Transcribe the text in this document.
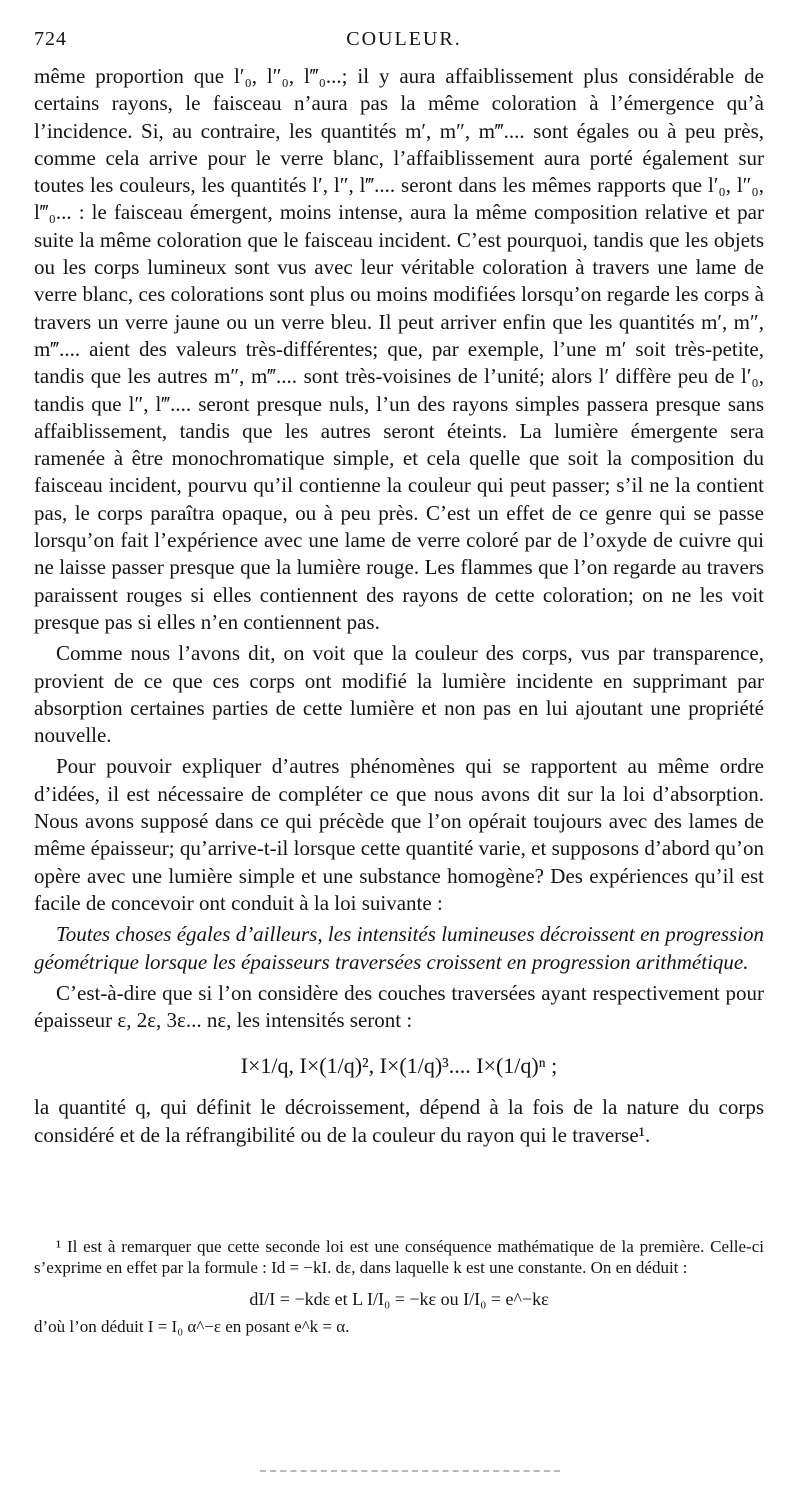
724	COULEUR.

même proportion que l′₀, l″₀, l‴₀...; il y aura affaiblissement plus considérable de certains rayons, le faisceau n’aura pas la même coloration à l’émergence qu’à l’incidence. Si, au contraire, les quantités m′, m″, m‴.... sont égales ou à peu près, comme cela arrive pour le verre blanc, l’affaiblissement aura porté également sur toutes les couleurs, les quantités l′, l″, l‴.... seront dans les mêmes rapports que l′₀, l″₀, l‴₀... : le faisceau émergent, moins intense, aura la même composition relative et par suite la même coloration que le faisceau incident. C’est pourquoi, tandis que les objets ou les corps lumineux sont vus avec leur véritable coloration à travers une lame de verre blanc, ces colorations sont plus ou moins modifiées lorsqu’on regarde les corps à travers un verre jaune ou un verre bleu. Il peut arriver enfin que les quantités m′, m″, m‴.... aient des valeurs très-différentes; que, par exemple, l’une m′ soit très-petite, tandis que les autres m″, m‴.... sont très-voisines de l’unité; alors l′ diffère peu de l′₀, tandis que l″, l‴.... seront presque nuls, l’un des rayons simples passera presque sans affaiblissement, tandis que les autres seront éteints. La lumière émergente sera ramenée à être monochromatique simple, et cela quelle que soit la composition du faisceau incident, pourvu qu’il contienne la couleur qui peut passer; s’il ne la contient pas, le corps paraîtra opaque, ou à peu près. C’est un effet de ce genre qui se passe lorsqu’on fait l’expérience avec une lame de verre coloré par de l’oxyde de cuivre qui ne laisse passer presque que la lumière rouge. Les flammes que l’on regarde au travers paraissent rouges si elles contiennent des rayons de cette coloration; on ne les voit presque pas si elles n’en contiennent pas.

Comme nous l’avons dit, on voit que la couleur des corps, vus par transparence, provient de ce que ces corps ont modifié la lumière incidente en supprimant par absorption certaines parties de cette lumière et non pas en lui ajoutant une propriété nouvelle.

Pour pouvoir expliquer d’autres phénomènes qui se rapportent au même ordre d’idées, il est nécessaire de compléter ce que nous avons dit sur la loi d’absorption. Nous avons supposé dans ce qui précède que l’on opérait toujours avec des lames de même épaisseur; qu’arrive-t-il lorsque cette quantité varie, et supposons d’abord qu’on opère avec une lumière simple et une substance homogène? Des expériences qu’il est facile de concevoir ont conduit à la loi suivante :

Toutes choses égales d’ailleurs, les intensités lumineuses décroissent en progression géométrique lorsque les épaisseurs traversées croissent en progression arithmétique.

C’est-à-dire que si l’on considère des couches traversées ayant respectivement pour épaisseur ε, 2ε, 3ε... nε, les intensités seront :

I×1/q, I×(1/q)², I×(1/q)³.... I×(1/q)ⁿ ;

la quantité q, qui définit le décroissement, dépend à la fois de la nature du corps considéré et de la réfrangibilité ou de la couleur du rayon qui le traverse¹.

¹ Il est à remarquer que cette seconde loi est une conséquence mathématique de la première. Celle-ci s’exprime en effet par la formule : Id = −kI. dε, dans laquelle k est une constante. On en déduit :

dI/I = −kdε et L I/I₀ = −kε ou I/I₀ = e^−kε

d’où l’on déduit I = I₀ α^−ε en posant e^k = α.
